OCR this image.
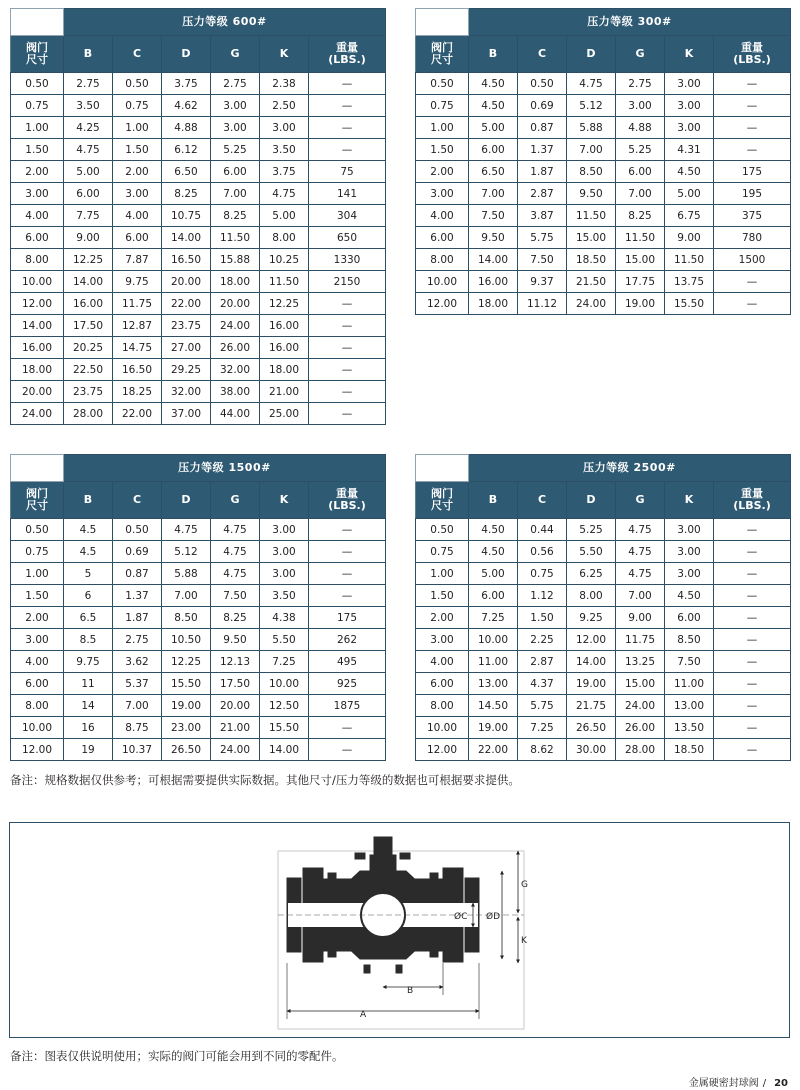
	压力等级 600#					
阀门
尺寸	B	C	D	G	K	重量
(LBS.)
0.50	2.75	0.50	3.75	2.75	2.38	—
0.75	3.50	0.75	4.62	3.00	2.50	—
1.00	4.25	1.00	4.88	3.00	3.00	—
1.50	4.75	1.50	6.12	5.25	3.50	—
2.00	5.00	2.00	6.50	6.00	3.75	75
3.00	6.00	3.00	8.25	7.00	4.75	141
4.00	7.75	4.00	10.75	8.25	5.00	304
6.00	9.00	6.00	14.00	11.50	8.00	650
8.00	12.25	7.87	16.50	15.88	10.25	1330
10.00	14.00	9.75	20.00	18.00	11.50	2150
12.00	16.00	11.75	22.00	20.00	12.25	—
14.00	17.50	12.87	23.75	24.00	16.00	—
16.00	20.25	14.75	27.00	26.00	16.00	—
18.00	22.50	16.50	29.25	32.00	18.00	—
20.00	23.75	18.25	32.00	38.00	21.00	—
24.00	28.00	22.00	37.00	44.00	25.00	—
	压力等级 300#					
阀门
尺寸	B	C	D	G	K	重量
(LBS.)
0.50	4.50	0.50	4.75	2.75	3.00	—
0.75	4.50	0.69	5.12	3.00	3.00	—
1.00	5.00	0.87	5.88	4.88	3.00	—
1.50	6.00	1.37	7.00	5.25	4.31	—
2.00	6.50	1.87	8.50	6.00	4.50	175
3.00	7.00	2.87	9.50	7.00	5.00	195
4.00	7.50	3.87	11.50	8.25	6.75	375
6.00	9.50	5.75	15.00	11.50	9.00	780
8.00	14.00	7.50	18.50	15.00	11.50	1500
10.00	16.00	9.37	21.50	17.75	13.75	—
12.00	18.00	11.12	24.00	19.00	15.50	—
	压力等级 1500#					
阀门
尺寸	B	C	D	G	K	重量
(LBS.)
0.50	4.5	0.50	4.75	4.75	3.00	—
0.75	4.5	0.69	5.12	4.75	3.00	—
1.00	5	0.87	5.88	4.75	3.00	—
1.50	6	1.37	7.00	7.50	3.50	—
2.00	6.5	1.87	8.50	8.25	4.38	175
3.00	8.5	2.75	10.50	9.50	5.50	262
4.00	9.75	3.62	12.25	12.13	7.25	495
6.00	11	5.37	15.50	17.50	10.00	925
8.00	14	7.00	19.00	20.00	12.50	1875
10.00	16	8.75	23.00	21.00	15.50	—
12.00	19	10.37	26.50	24.00	14.00	—
	压力等级 2500#					
阀门
尺寸	B	C	D	G	K	重量
(LBS.)
0.50	4.50	0.44	5.25	4.75	3.00	—
0.75	4.50	0.56	5.50	4.75	3.00	—
1.00	5.00	0.75	6.25	4.75	3.00	—
1.50	6.00	1.12	8.00	7.00	4.50	—
2.00	7.25	1.50	9.25	9.00	6.00	—
3.00	10.00	2.25	12.00	11.75	8.50	—
4.00	11.00	2.87	14.00	13.25	7.50	—
6.00	13.00	4.37	19.00	15.00	11.00	—
8.00	14.50	5.75	21.75	24.00	13.00	—
10.00	19.00	7.25	26.50	26.00	13.50	—
12.00	22.00	8.62	30.00	28.00	18.50	—
备注：规格数据仅供参考；可根据需要提供实际数据。其他尺寸/压力等级的数据也可根据要求提供。
G
K
ØD
ØC
B
A
备注：图表仅供说明使用；实际的阀门可能会用到不同的零配件。
金属硬密封球阀 / 20
